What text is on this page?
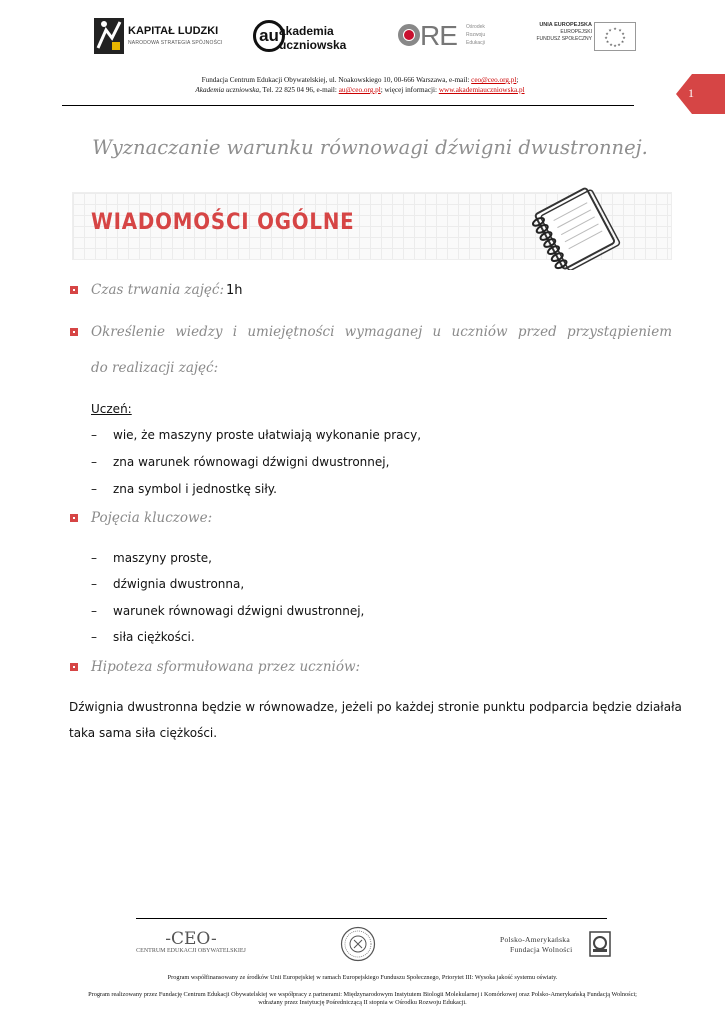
KAPITAŁ LUDZKI
NARODOWA STRATEGIA SPÓJNOŚCI	au akademia
uczniowska	RE Ośrodek
Rozwoju
Edukacji
UNIA EUROPEJSKA
EUROPEJSKI
FUNDUSZ SPOŁECZNY
★ ★
★
★
★
★
★
★
★
★
★
★
Fundacja Centrum Edukacji Obywatelskiej, ul. Noakowskiego 10, 00-666 Warszawa, e-mail: ceo@ceo.org.pl;
Akademia uczniowska, Tel. 22 825 04 96, e-mail: au@ceo.org.pl; więcej informacji: www.akademiauczniowska.pl	1
Wyznaczanie warunku równowagi dźwigni dwustronnej.
WIADOMOŚCI OGÓLNE
Czas trwania zajęć: 1h
Określenie wiedzy i umiejętności wymaganej u uczniów przed przystąpieniem
do realizacji zajęć:
Uczeń:
– wie, że maszyny proste ułatwiają wykonanie pracy,
– zna warunek równowagi dźwigni dwustronnej,
– zna symbol i jednostkę siły.
Pojęcia kluczowe:
– maszyny proste,
– dźwignia dwustronna,
– warunek równowagi dźwigni dwustronnej,
– siła ciężkości.
Hipoteza sformułowana przez uczniów:
Dźwignia dwustronna będzie w równowadze, jeżeli po każdej stronie punktu podparcia będzie działała
taka sama siła ciężkości.
-CEO-
CENTRUM EDUKACJI OBYWATELSKIEJ
Polsko-Amerykańska
Fundacja Wolności
Program współfinansowany ze środków Unii Europejskiej w ramach Europejskiego Funduszu Społecznego, Priorytet III: Wysoka jakość systemu oświaty.
Program realizowany przez Fundację Centrum Edukacji Obywatelskiej we współpracy z partnerami: Międzynarodowym Instytutem Biologii Molekularnej i Komórkowej oraz Polsko-Amerykańską Fundacją Wolności;
wdrażany przez Instytucję Pośredniczącą II stopnia w Ośrodku Rozwoju Edukacji.
